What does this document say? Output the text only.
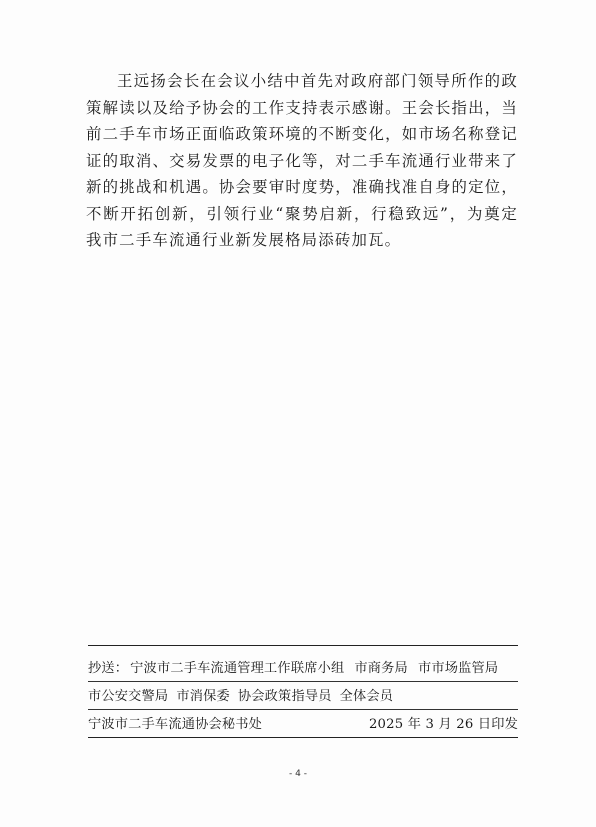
王远扬会长在会议小结中首先对政府部门领导所作的政策解读以及给予协会的工作支持表示感谢。王会长指出，当前二手车市场正面临政策环境的不断变化，如市场名称登记证的取消、交易发票的电子化等，对二手车流通行业带来了新的挑战和机遇。协会要审时度势，准确找准自身的定位，不断开拓创新，引领行业“聚势启新，行稳致远”，为奠定我市二手车流通行业新发展格局添砖加瓦。

抄送： 宁波市二手车流通管理工作联席小组 市商务局 市市场监管局
市公安交警局 市消保委 协会政策指导员 全体会员
宁波市二手车流通协会秘书处	2025 年 3 月 26 日印发
- 4 -
